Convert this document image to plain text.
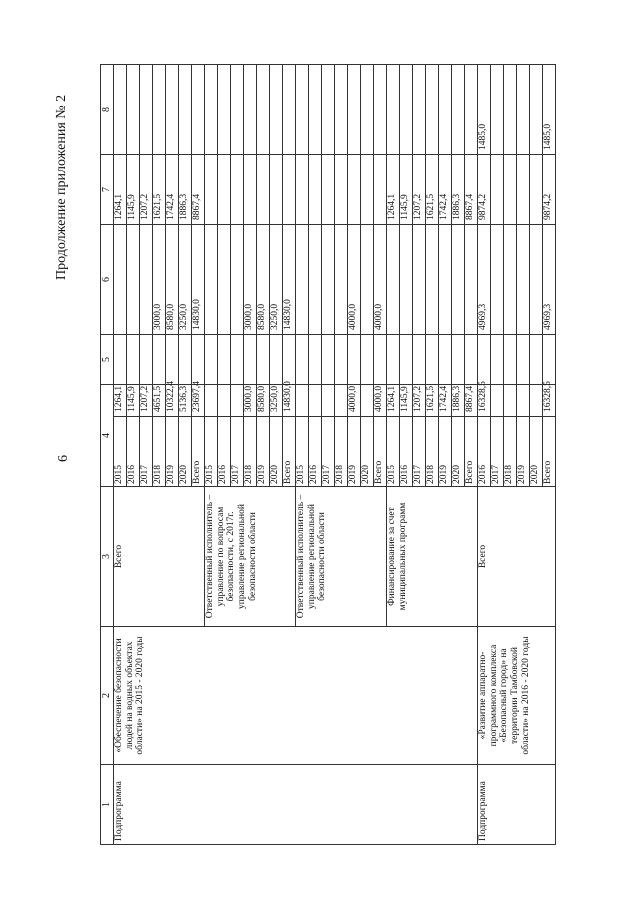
6
Продолжение приложения № 2
1	2	3	4		5	6	7	8
Подпрограмма	«Обеспечение безопасности людей на водных объектах области» на 2015 - 2020 годы	Всего	2015	1264,1			1264,1	
			2016	1145,9			1145,9	
			2017	1207,2			1207,2	
			2018	4651,5		3000,0	1621,5	
			2019	10322,4		8580,0	1742,4	
			2020	5136,3		3250,0	1886,3	
			Всего	23697,4		14830,0	8867,4	
		Ответственный исполнитель – управление по вопросам безопасности, с 2017г. управление региональной безопасности области	2015					
			2016					
			2017					
			2018	3000,0		3000,0		
			2019	8580,0		8580,0		
			2020	3250,0		3250,0		
			Всего	14830,0		14830,0		
		Ответственный исполнитель – управление региональной безопасности области	2015					
			2016					
			2017					
			2018					
			2019	4000,0		4000,0		
			2020					
			Всего	4000,0		4000,0		
		Финансирование за счет муниципальных программ	2015	1264,1			1264,1	
			2016	1145,9			1145,9	
			2017	1207,2			1207,2	
			2018	1621,5			1621,5	
			2019	1742,4			1742,4	
			2020	1886,3			1886,3	
			Всего	8867,4			8867,4	
Подпрограмма	«Развитие аппаратно-программного комплекса «Безопасный город» на территории Тамбовской области» на 2016 - 2020 годы	Всего	2016	16328,5		4969,3	9874,2	1485,0
			2017					
			2018					
			2019					
			2020					
			Всего	16328,5		4969,3	9874,2	1485,0
